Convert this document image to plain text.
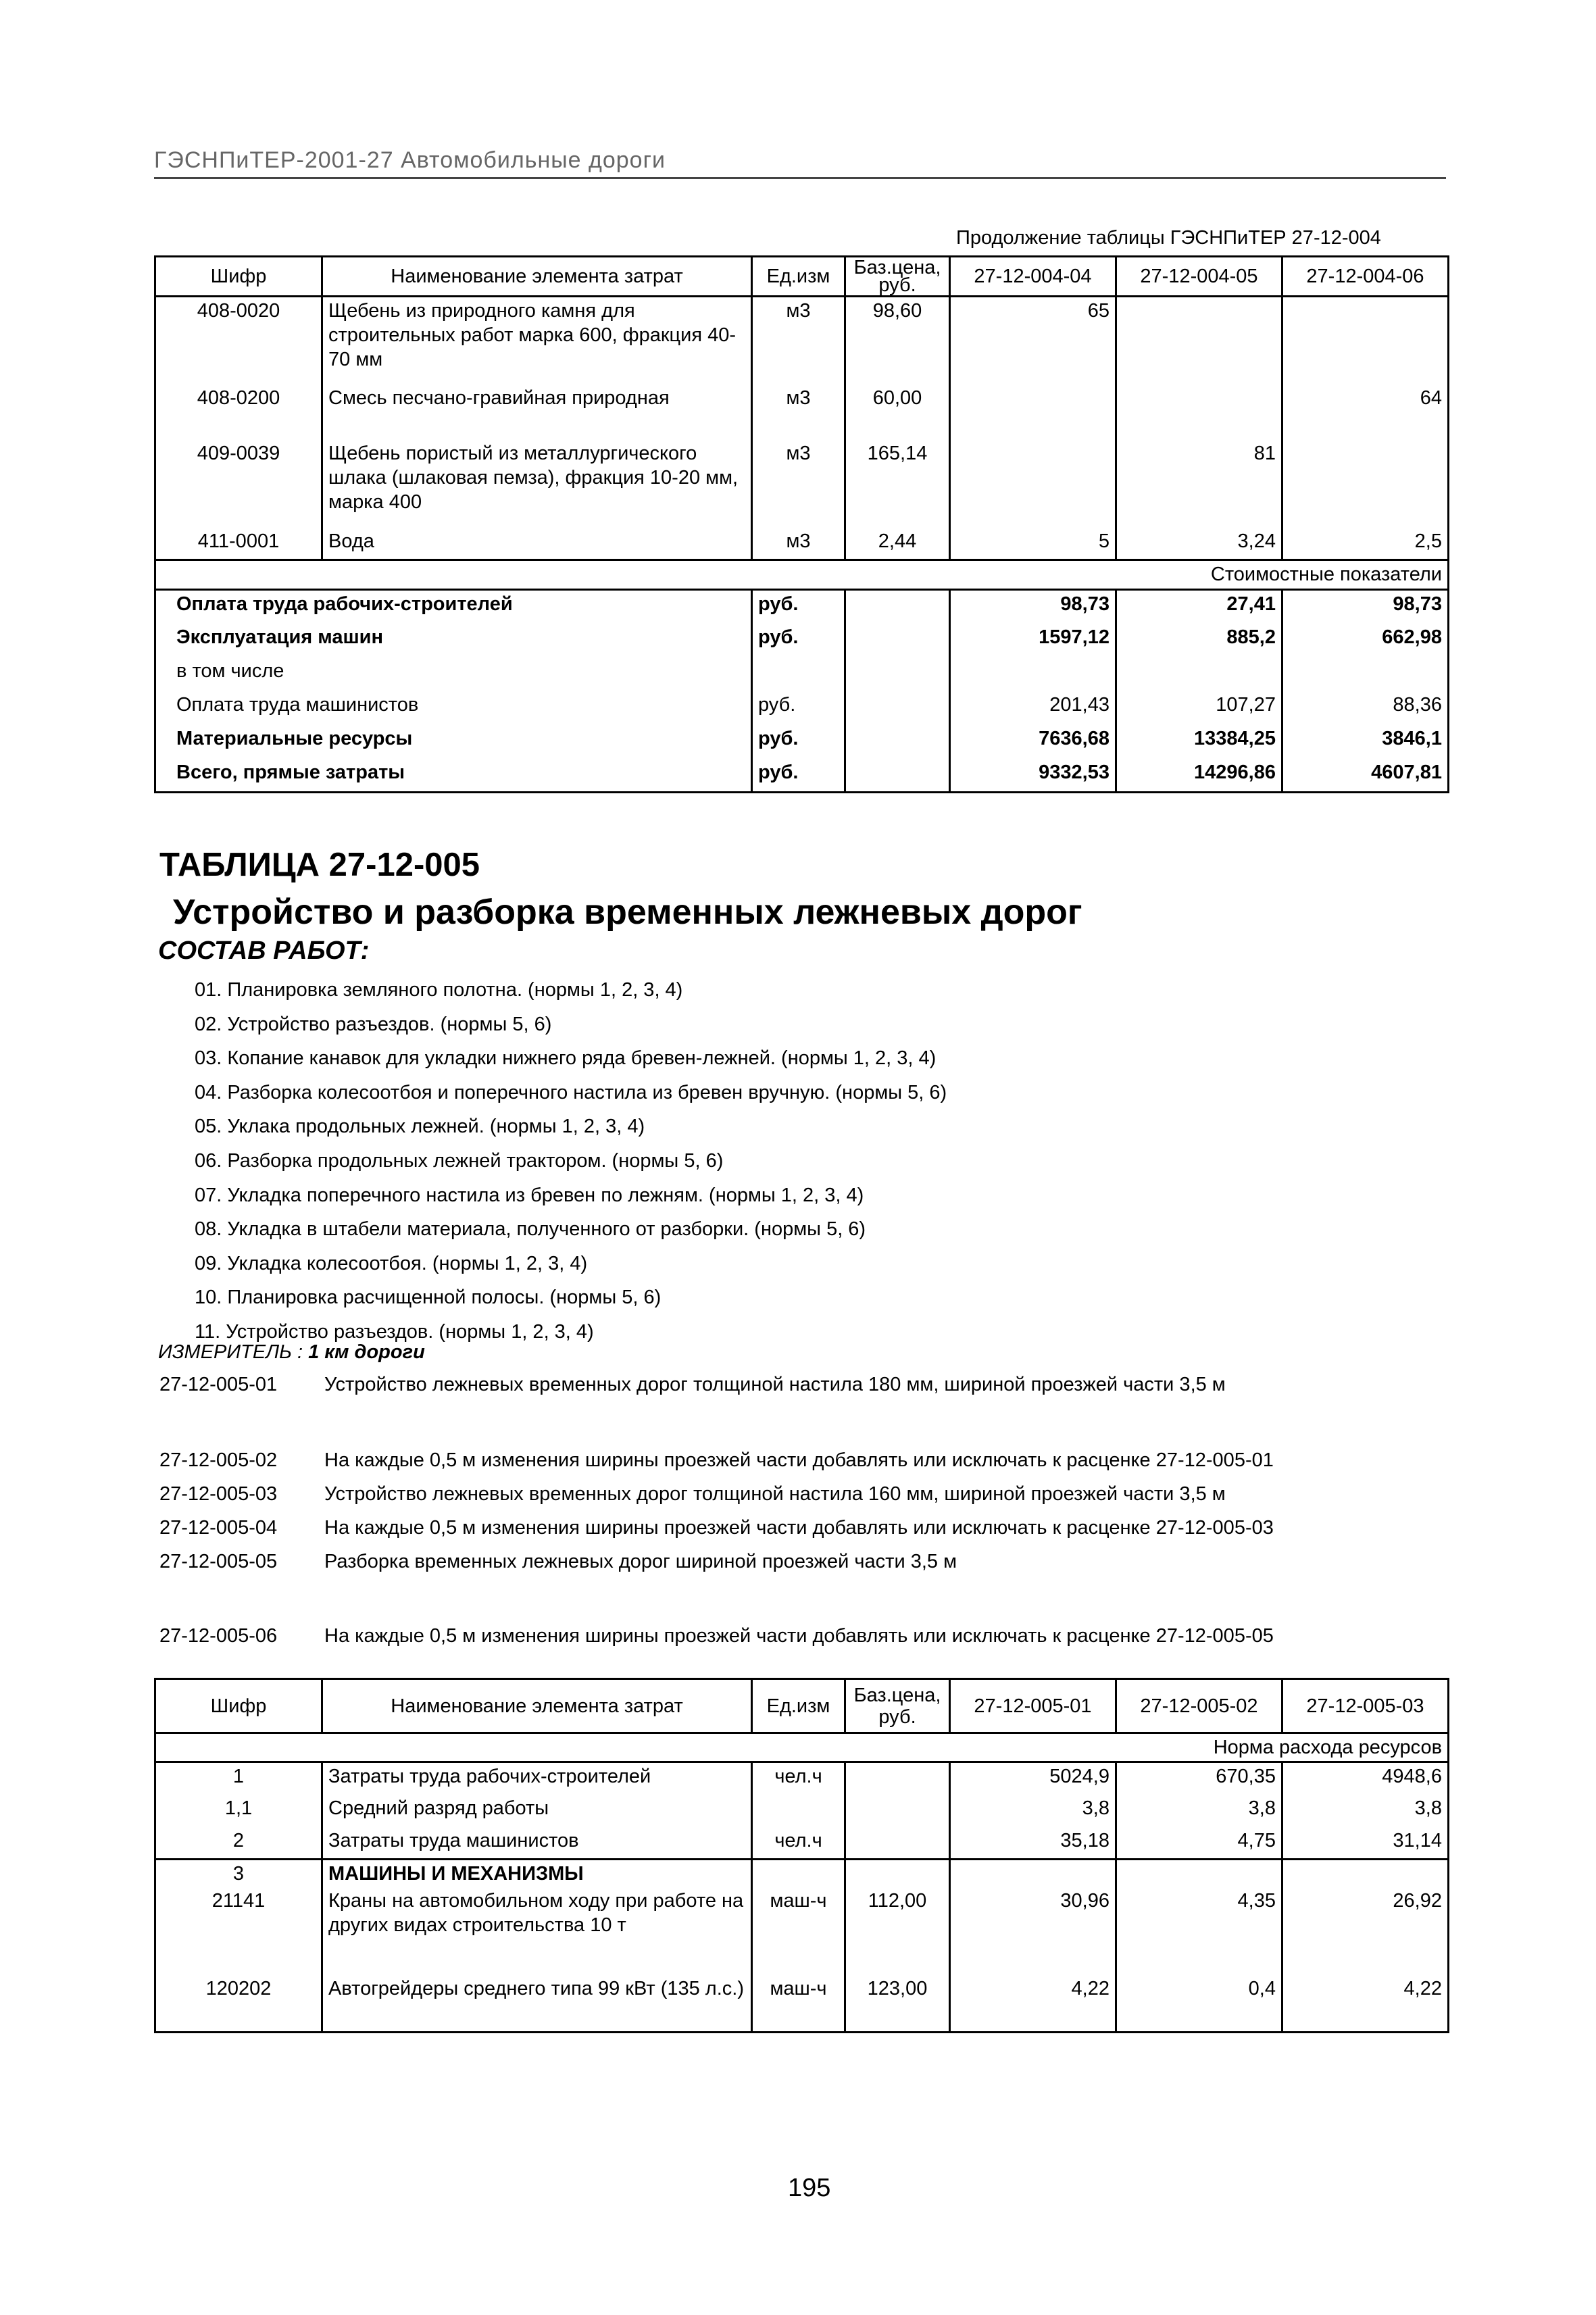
ГЭСНПиТЕР-2001-27 Автомобильные дороги
Продолжение таблицы ГЭСНПиТЕР 27-12-004
Шифр	Наименование элемента затрат	Ед.изм	Баз.цена, руб.	27-12-004-04	27-12-004-05	27-12-004-06
408-0020	Щебень из природного камня для строительных работ марка 600, фракция 40-70 мм	м3	98,60	65		
408-0200	Смесь песчано-гравийная природная	м3	60,00			64
409-0039	Щебень пористый из металлургического шлака (шлаковая пемза), фракция 10-20 мм, марка 400	м3	165,14		81	
411-0001	Вода	м3	2,44	5	3,24	2,5
Стоимостные показатели						
Оплата труда рабочих-строителей		руб.		98,73	27,41	98,73
Эксплуатация машин		руб.		1597,12	885,2	662,98
в том числе						
Оплата труда машинистов		руб.		201,43	107,27	88,36
Материальные ресурсы		руб.		7636,68	13384,25	3846,1
Всего, прямые затраты		руб.		9332,53	14296,86	4607,81
ТАБЛИЦА 27-12-005
Устройство и разборка временных лежневых дорог
СОСТАВ РАБОТ:
01. Планировка земляного полотна. (нормы 1, 2, 3, 4)
02. Устройство разъездов. (нормы 5, 6)
03. Копание канавок для укладки нижнего ряда бревен-лежней. (нормы 1, 2, 3, 4)
04. Разборка колесоотбоя и поперечного настила из бревен вручную. (нормы 5, 6)
05. Уклака продольных лежней. (нормы 1, 2, 3, 4)
06. Разборка продольных лежней трактором. (нормы 5, 6)
07. Укладка поперечного настила из бревен по лежням. (нормы 1, 2, 3, 4)
08. Укладка в штабели материала, полученного от разборки. (нормы 5, 6)
09. Укладка колесоотбоя. (нормы 1, 2, 3, 4)
10. Планировка расчищенной полосы. (нормы 5, 6)
11. Устройство разъездов. (нормы 1, 2, 3, 4)
ИЗМЕРИТЕЛЬ : 1 км дороги
27-12-005-01 Устройство лежневых временных дорог толщиной настила 180 мм, шириной проезжей части 3,5 м
27-12-005-02 На каждые 0,5 м изменения ширины проезжей части добавлять или исключать к расценке 27-12-005-01
27-12-005-03 Устройство лежневых временных дорог толщиной настила 160 мм, шириной проезжей части 3,5 м
27-12-005-04 На каждые 0,5 м изменения ширины проезжей части добавлять или исключать к расценке 27-12-005-03
27-12-005-05 Разборка временных лежневых дорог шириной проезжей части 3,5 м
27-12-005-06 На каждые 0,5 м изменения ширины проезжей части добавлять или исключать к расценке 27-12-005-05
Шифр	Наименование элемента затрат	Ед.изм	Баз.цена, руб.	27-12-005-01	27-12-005-02	27-12-005-03
Норма расхода ресурсов						
1	Затраты труда рабочих-строителей	чел.ч		5024,9	670,35	4948,6
1,1	Средний разряд работы			3,8	3,8	3,8
2	Затраты труда машинистов	чел.ч		35,18	4,75	31,14
3	МАШИНЫ И МЕХАНИЗМЫ					
21141	Краны на автомобильном ходу при работе на других видах строительства 10 т	маш-ч	112,00	30,96	4,35	26,92
120202	Автогрейдеры среднего типа 99 кВт (135 л.с.)	маш-ч	123,00	4,22	0,4	4,22
195
